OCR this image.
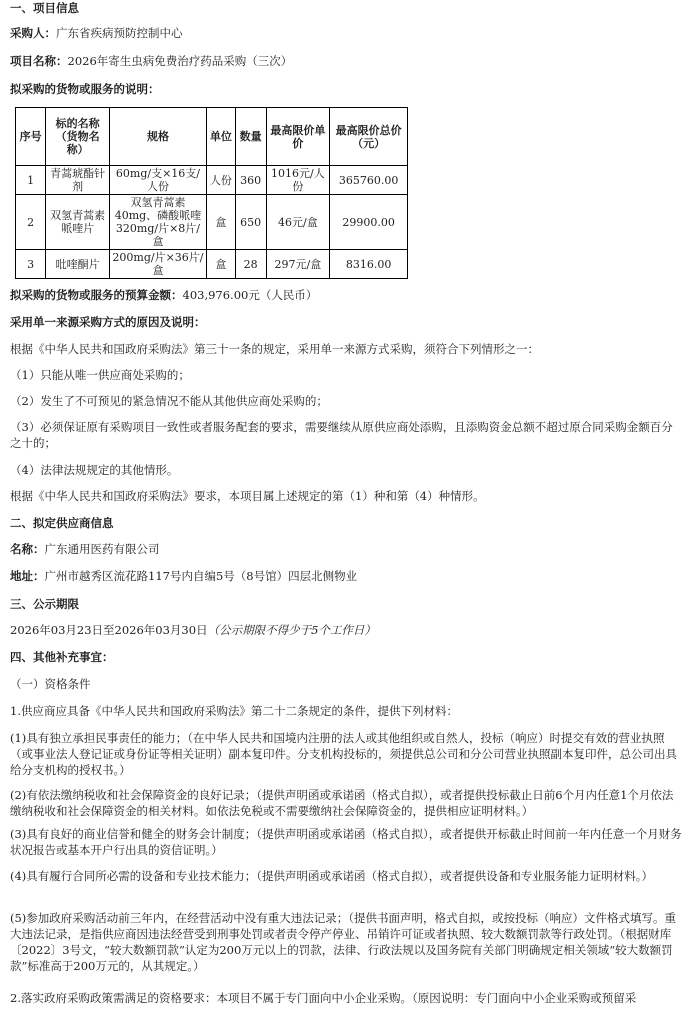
一、项目信息
采购人：广东省疾病预防控制中心
项目名称：2026年寄生虫病免费治疗药品采购（三次）
拟采购的货物或服务的说明：
序号	标的名称（货物名称）	规格	单位	数量	最高限价单价	最高限价总价（元）
1	青蒿琥酯针剂	60mg/支×16支/人份	人份	360	1016元/人份	365760.00
2	双氢青蒿素哌喹片	双氢青蒿素40mg、磷酸哌喹320mg/片×8片/盒	盒	650	46元/盒	29900.00
3	吡喹酮片	200mg/片×36片/盒	盒	28	297元/盒	8316.00
拟采购的货物或服务的预算金额：403,976.00元（人民币）
采用单一来源采购方式的原因及说明：
根据《中华人民共和国政府采购法》第三十一条的规定，采用单一来源方式采购，须符合下列情形之一：
（1）只能从唯一供应商处采购的；
（2）发生了不可预见的紧急情况不能从其他供应商处采购的；
（3）必须保证原有采购项目一致性或者服务配套的要求，需要继续从原供应商处添购，且添购资金总额不超过原合同采购金额百分之十的；
（4）法律法规规定的其他情形。
根据《中华人民共和国政府采购法》要求，本项目属上述规定的第（1）种和第（4）种情形。
二、拟定供应商信息
名称：广东通用医药有限公司
地址：广州市越秀区流花路117号内自编5号（8号馆）四层北侧物业
三、公示期限
2026年03月23日至2026年03月30日（公示期限不得少于5个工作日）
四、其他补充事宜：
（一）资格条件
1.供应商应具备《中华人民共和国政府采购法》第二十二条规定的条件，提供下列材料：
(1)具有独立承担民事责任的能力；（在中华人民共和国境内注册的法人或其他组织或自然人，投标（响应）时提交有效的营业执照（或事业法人登记证或身份证等相关证明）副本复印件。分支机构投标的，须提供总公司和分公司营业执照副本复印件，总公司出具给分支机构的授权书。）
(2)有依法缴纳税收和社会保障资金的良好记录；（提供声明函或承诺函（格式自拟），或者提供投标截止日前6个月内任意1个月依法缴纳税收和社会保障资金的相关材料。如依法免税或不需要缴纳社会保障资金的，提供相应证明材料。）
(3)具有良好的商业信誉和健全的财务会计制度；（提供声明函或承诺函（格式自拟），或者提供开标截止时间前一年内任意一个月财务状况报告或基本开户行出具的资信证明。）
(4)具有履行合同所必需的设备和专业技术能力；（提供声明函或承诺函（格式自拟），或者提供设备和专业服务能力证明材料。）
(5)参加政府采购活动前三年内，在经营活动中没有重大违法记录；（提供书面声明，格式自拟，或按投标（响应）文件格式填写。重大违法记录，是指供应商因违法经营受到刑事处罚或者责令停产停业、吊销许可证或者执照、较大数额罚款等行政处罚。（根据财库〔2022〕3号文，“较大数额罚款”认定为200万元以上的罚款，法律、行政法规以及国务院有关部门明确规定相关领域“较大数额罚款”标准高于200万元的，从其规定。）
2.落实政府采购政策需满足的资格要求：本项目不属于专门面向中小企业采购。（原因说明：专门面向中小企业采购或预留采
